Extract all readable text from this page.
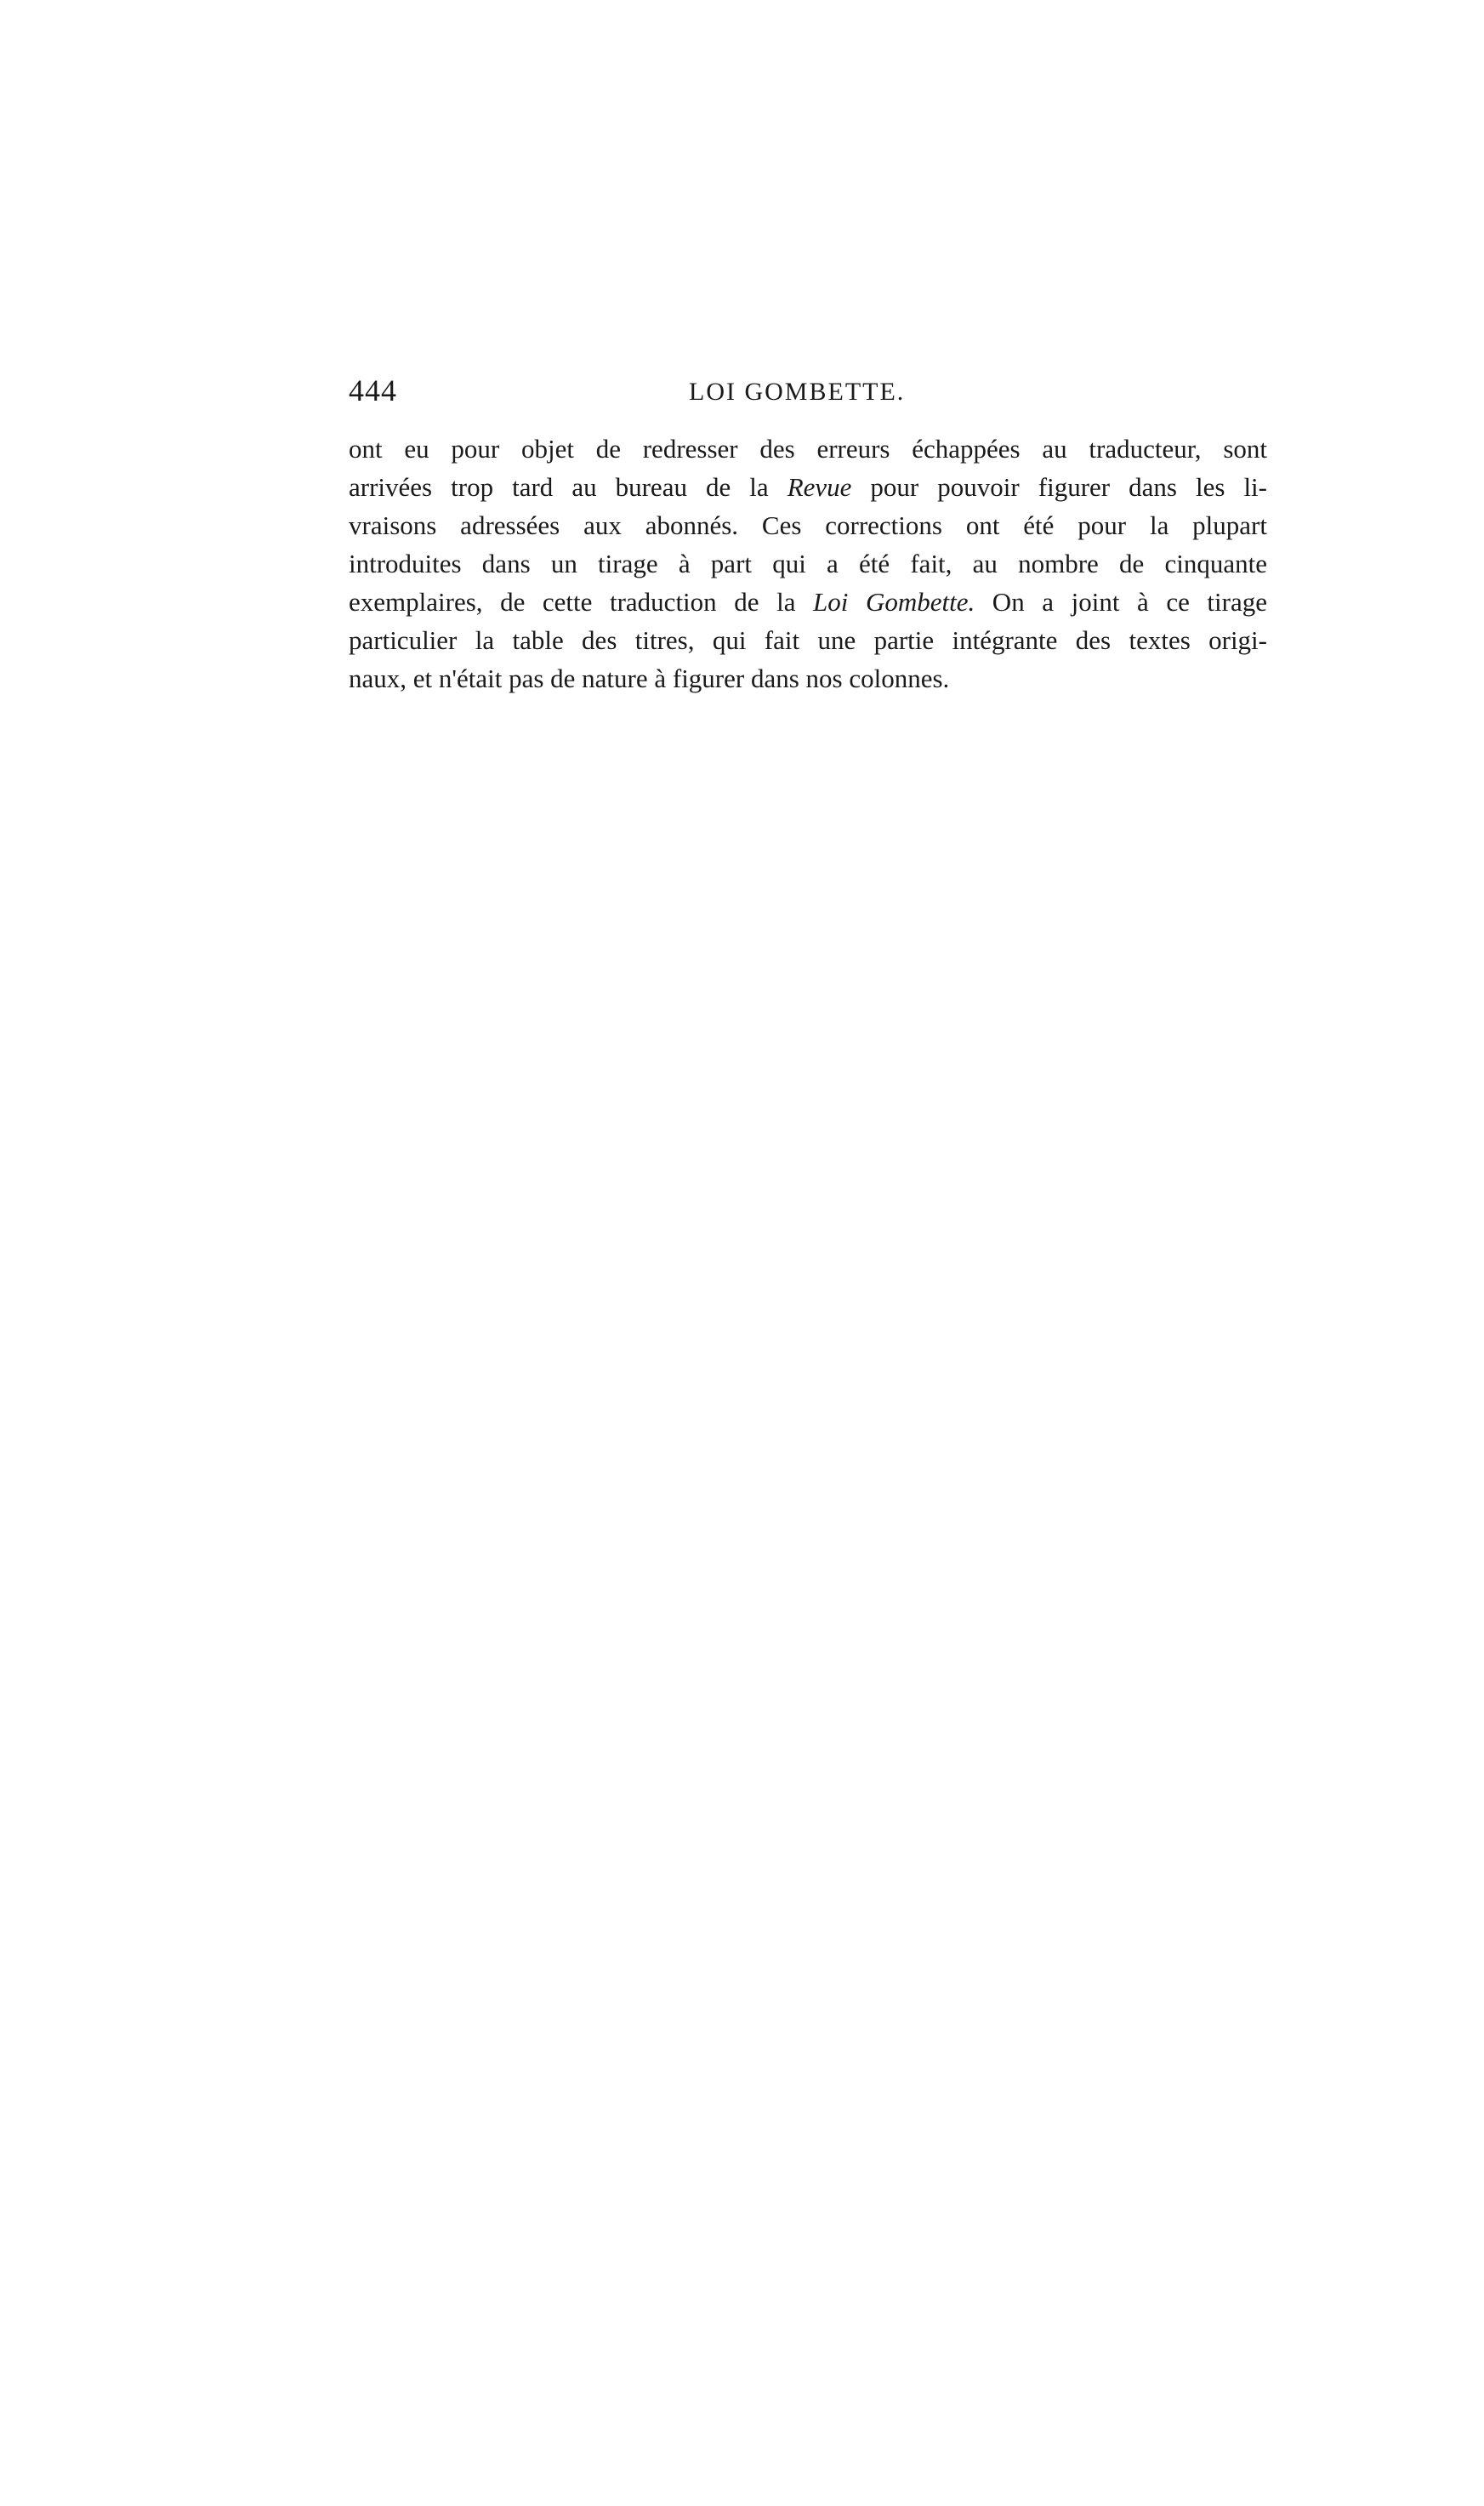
444	LOI GOMBETTE.
ont eu pour objet de redresser des erreurs échappées au traducteur, sont
arrivées trop tard au bureau de la Revue pour pouvoir figurer dans les li-
vraisons adressées aux abonnés. Ces corrections ont été pour la plupart
introduites dans un tirage à part qui a été fait, au nombre de cinquante
exemplaires, de cette traduction de la Loi Gombette. On a joint à ce tirage
particulier la table des titres, qui fait une partie intégrante des textes origi-
naux, et n'était pas de nature à figurer dans nos colonnes.
